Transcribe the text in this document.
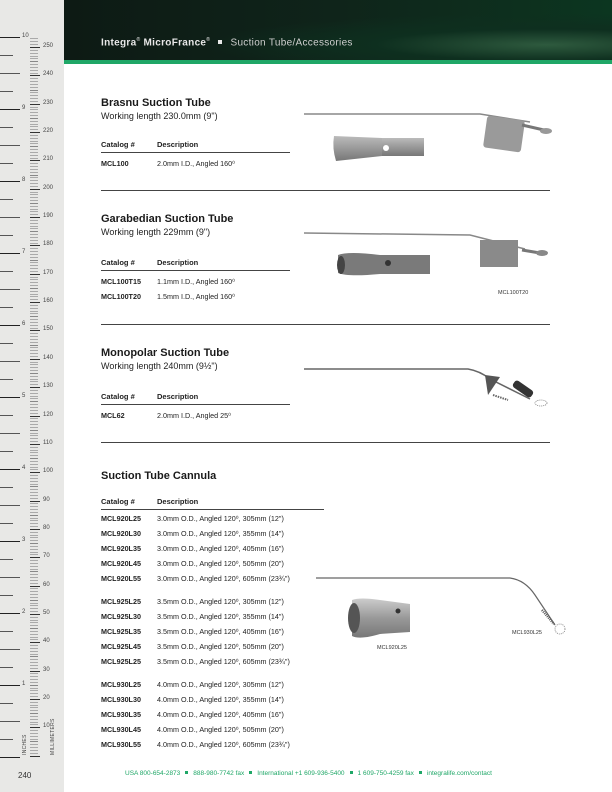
10
9
8
7
6
5
4
3
2
1
250
240
230
220
210
200
190
180
170
160
150
140
130
120
110
100
90
80
70
60
50
40
30
20
10
INCHES	MILLIMETERS
240
Integra® MicroFrance® Suction Tube/Accessories
Brasnu Suction Tube
Working length 230.0mm (9")
Catalog #	Description
MCL100	2.0mm I.D., Angled 160⁰
Garabedian Suction Tube
Working length 229mm (9")
Catalog #	Description
MCL100T15	1.1mm I.D., Angled 160⁰
MCL100T20	1.5mm I.D., Angled 160⁰	MCL100T20
Monopolar Suction Tube
Working length 240mm (9½")
Catalog #	Description
MCL62	2.0mm I.D., Angled 25⁰
Suction Tube Cannula
Catalog #	Description
MCL920L25	3.0mm O.D., Angled 120⁰, 305mm (12")
MCL920L30	3.0mm O.D., Angled 120⁰, 355mm (14")
MCL920L35	3.0mm O.D., Angled 120⁰, 405mm (16")
MCL920L45	3.0mm O.D., Angled 120⁰, 505mm (20")
MCL920L55	3.0mm O.D., Angled 120⁰, 605mm (23¾")
MCL925L25	3.5mm O.D., Angled 120⁰, 305mm (12")
MCL925L30	3.5mm O.D., Angled 120⁰, 355mm (14")
MCL925L35	3.5mm O.D., Angled 120⁰, 405mm (16")
MCL925L45	3.5mm O.D., Angled 120⁰, 505mm (20")
MCL925L25	3.5mm O.D., Angled 120⁰, 605mm (23¾")
MCL930L25	4.0mm O.D., Angled 120⁰, 305mm (12")
MCL930L30	4.0mm O.D., Angled 120⁰, 355mm (14")
MCL930L35	4.0mm O.D., Angled 120⁰, 405mm (16")
MCL930L45	4.0mm O.D., Angled 120⁰, 505mm (20")
MCL930L55	4.0mm O.D., Angled 120⁰, 605mm (23¾")
MCL920L25
MCL930L25
USA 800-654-2873 888-980-7742 fax International +1 609-936-5400 1 609-750-4259 fax integralife.com/contact
